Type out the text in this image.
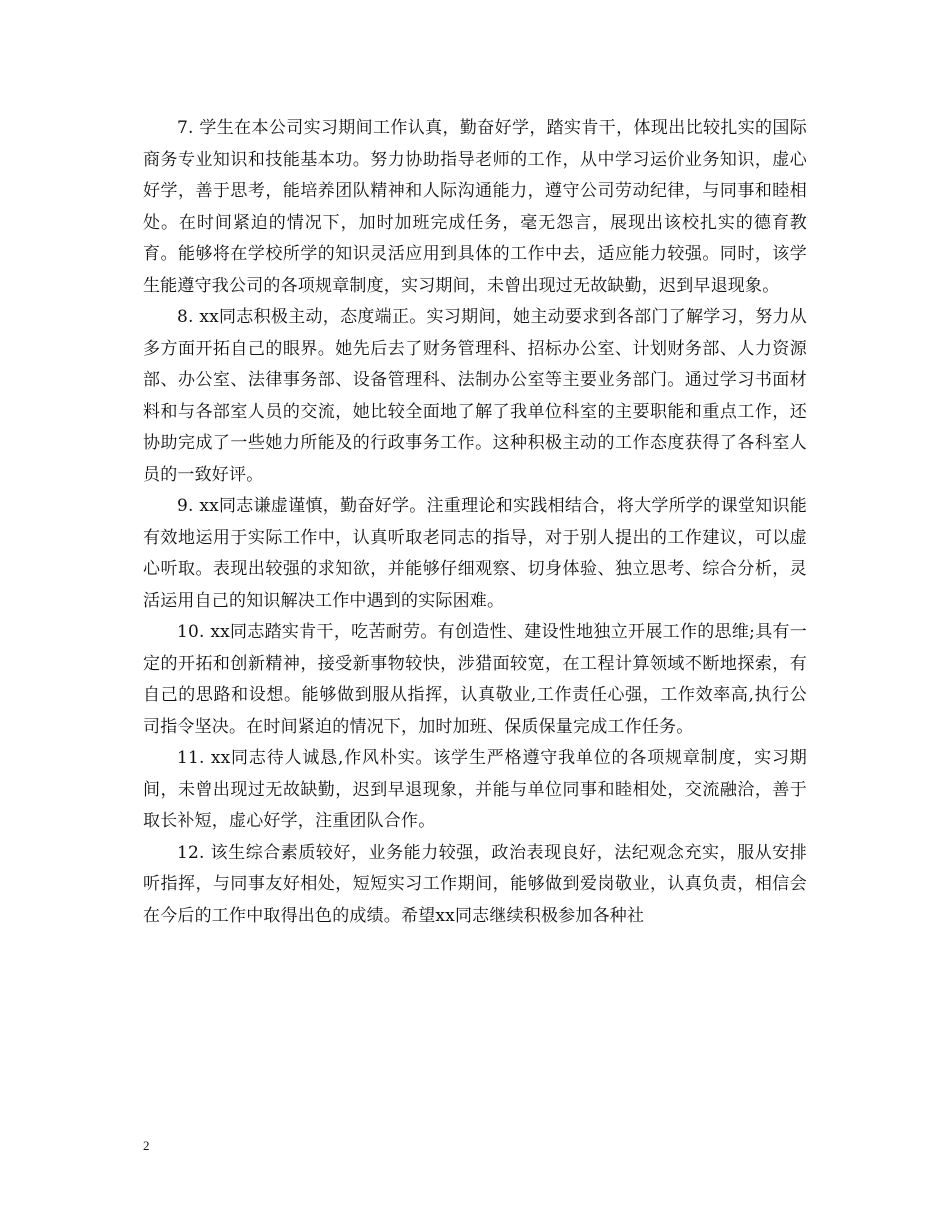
7. 学生在本公司实习期间工作认真，勤奋好学，踏实肯干，体现出比较扎实的国际商务专业知识和技能基本功。努力协助指导老师的工作，从中学习运价业务知识，虚心好学，善于思考，能培养团队精神和人际沟通能力，遵守公司劳动纪律，与同事和睦相处。在时间紧迫的情况下，加时加班完成任务，毫无怨言，展现出该校扎实的德育教育。能够将在学校所学的知识灵活应用到具体的工作中去，适应能力较强。同时，该学生能遵守我公司的各项规章制度，实习期间，未曾出现过无故缺勤，迟到早退现象。

8. xx同志积极主动，态度端正。实习期间，她主动要求到各部门了解学习，努力从多方面开拓自己的眼界。她先后去了财务管理科、招标办公室、计划财务部、人力资源部、办公室、法律事务部、设备管理科、法制办公室等主要业务部门。通过学习书面材料和与各部室人员的交流，她比较全面地了解了我单位科室的主要职能和重点工作，还协助完成了一些她力所能及的行政事务工作。这种积极主动的工作态度获得了各科室人员的一致好评。

9. xx同志谦虚谨慎，勤奋好学。注重理论和实践相结合，将大学所学的课堂知识能有效地运用于实际工作中，认真听取老同志的指导，对于别人提出的工作建议，可以虚心听取。表现出较强的求知欲，并能够仔细观察、切身体验、独立思考、综合分析，灵活运用自己的知识解决工作中遇到的实际困难。

10. xx同志踏实肯干，吃苦耐劳。有创造性、建设性地独立开展工作的思维;具有一定的开拓和创新精神，接受新事物较快，涉猎面较宽，在工程计算领域不断地探索，有自己的思路和设想。能够做到服从指挥，认真敬业,工作责任心强，工作效率高,执行公司指令坚决。在时间紧迫的情况下，加时加班、保质保量完成工作任务。

11. xx同志待人诚恳,作风朴实。该学生严格遵守我单位的各项规章制度，实习期间，未曾出现过无故缺勤，迟到早退现象，并能与单位同事和睦相处，交流融洽，善于取长补短，虚心好学，注重团队合作。

12. 该生综合素质较好，业务能力较强，政治表现良好，法纪观念充实，服从安排听指挥，与同事友好相处，短短实习工作期间，能够做到爱岗敬业，认真负责，相信会在今后的工作中取得出色的成绩。希望xx同志继续积极参加各种社

2
